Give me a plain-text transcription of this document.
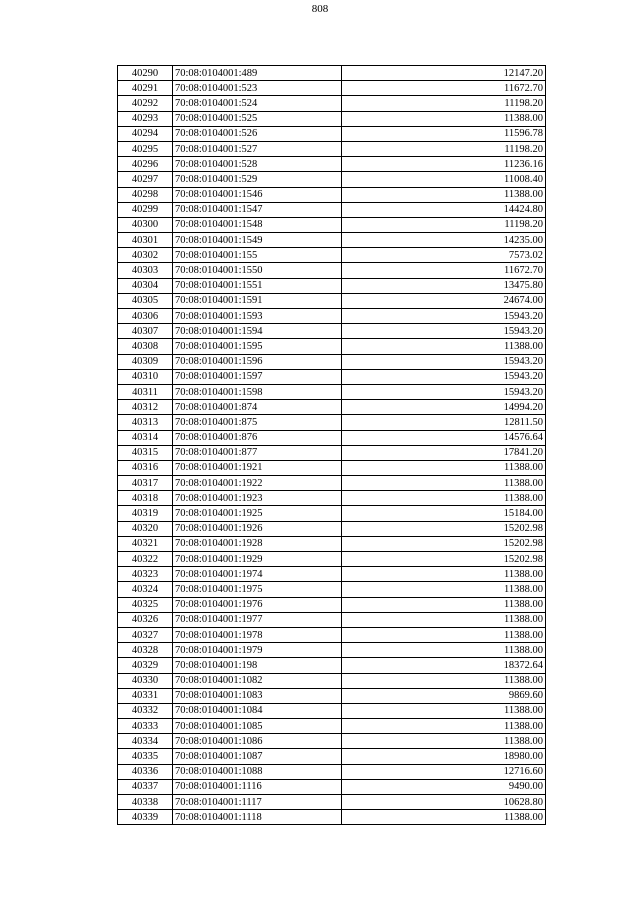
808
40290	70:08:0104001:489	12147.20
40291	70:08:0104001:523	11672.70
40292	70:08:0104001:524	11198.20
40293	70:08:0104001:525	11388.00
40294	70:08:0104001:526	11596.78
40295	70:08:0104001:527	11198.20
40296	70:08:0104001:528	11236.16
40297	70:08:0104001:529	11008.40
40298	70:08:0104001:1546	11388.00
40299	70:08:0104001:1547	14424.80
40300	70:08:0104001:1548	11198.20
40301	70:08:0104001:1549	14235.00
40302	70:08:0104001:155	7573.02
40303	70:08:0104001:1550	11672.70
40304	70:08:0104001:1551	13475.80
40305	70:08:0104001:1591	24674.00
40306	70:08:0104001:1593	15943.20
40307	70:08:0104001:1594	15943.20
40308	70:08:0104001:1595	11388.00
40309	70:08:0104001:1596	15943.20
40310	70:08:0104001:1597	15943.20
40311	70:08:0104001:1598	15943.20
40312	70:08:0104001:874	14994.20
40313	70:08:0104001:875	12811.50
40314	70:08:0104001:876	14576.64
40315	70:08:0104001:877	17841.20
40316	70:08:0104001:1921	11388.00
40317	70:08:0104001:1922	11388.00
40318	70:08:0104001:1923	11388.00
40319	70:08:0104001:1925	15184.00
40320	70:08:0104001:1926	15202.98
40321	70:08:0104001:1928	15202.98
40322	70:08:0104001:1929	15202.98
40323	70:08:0104001:1974	11388.00
40324	70:08:0104001:1975	11388.00
40325	70:08:0104001:1976	11388.00
40326	70:08:0104001:1977	11388.00
40327	70:08:0104001:1978	11388.00
40328	70:08:0104001:1979	11388.00
40329	70:08:0104001:198	18372.64
40330	70:08:0104001:1082	11388.00
40331	70:08:0104001:1083	9869.60
40332	70:08:0104001:1084	11388.00
40333	70:08:0104001:1085	11388.00
40334	70:08:0104001:1086	11388.00
40335	70:08:0104001:1087	18980.00
40336	70:08:0104001:1088	12716.60
40337	70:08:0104001:1116	9490.00
40338	70:08:0104001:1117	10628.80
40339	70:08:0104001:1118	11388.00
